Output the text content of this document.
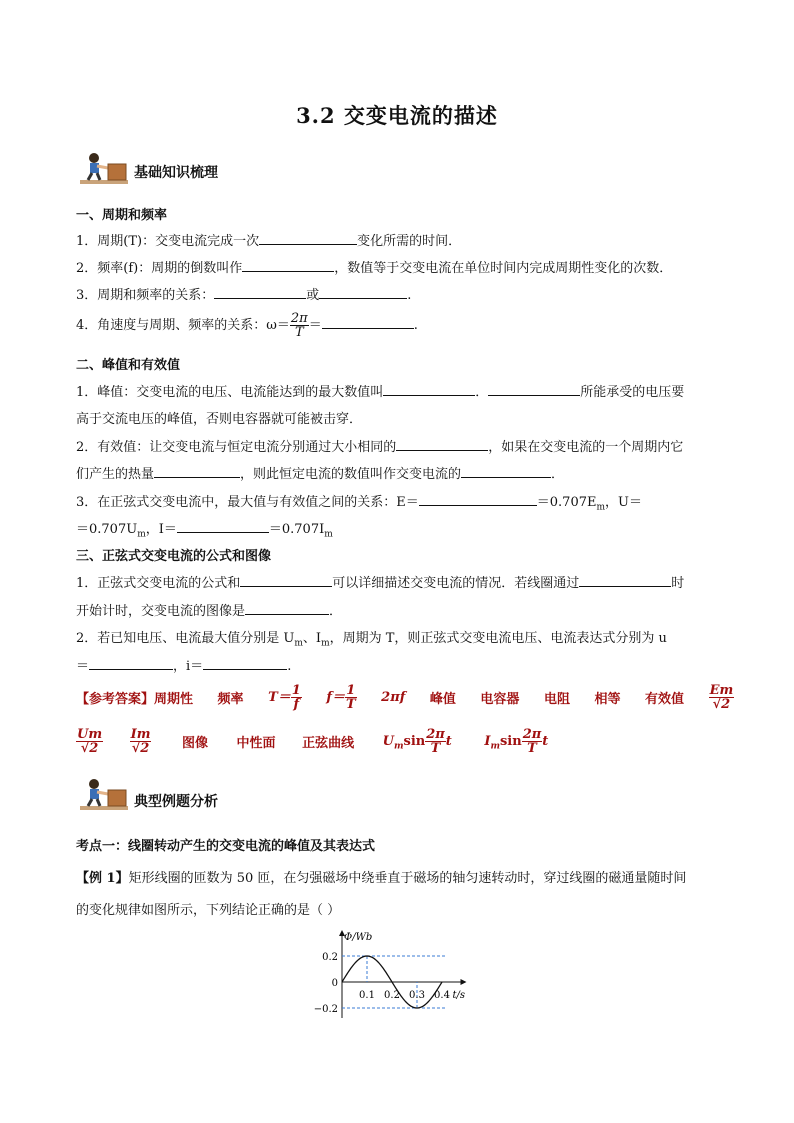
3.2 交变电流的描述
基础知识梳理
一、周期和频率
1．周期(T)：交变电流完成一次	变化所需的时间．
2．频率(f)：周期的倒数叫作	，数值等于交变电流在单位时间内完成周期性变化的次数．
3．周期和频率的关系：	或	.
4．角速度与周期、频率的关系：$\omega= \frac{2\pi}{T}$ ＝	.
二、峰值和有效值
1．峰值：交变电流的电压、电流能达到的最大数值叫	．	所能承受的电压要
高于交流电压的峰值，否则电容器就可能被击穿．
2．有效值：让交变电流与恒定电流分别通过大小相同的	，如果在交变电流的一个周期内它
们产生的热量	，则此恒定电流的数值叫作交变电流的	．
3．在正弦式交变电流中，最大值与有效值之间的关系：E＝	$=0.707E_m$，U＝
$=0.707U_m$，I＝	$=0.707I_m$
三、正弦式交变电流的公式和图像
1．正弦式交变电流的公式和	可以详细描述交变电流的情况．若线圈通过	时
开始计时，交变电流的图像是	．
2．若已知电压、电流最大值分别是 $U_m$、$I_m$，周期为 T，则正弦式交变电流电压、电流表达式分别为 u
＝	，i＝	.
【参考答案】周期性 频率 $T= \frac{1}{f} f= \frac{1}{T} 2\pi f$ 峰值 电容器 电阻 相等 有效值 $\frac{Em}{√2}$
$\frac{Um}{√2}$
$\frac{Im}{√2}$ 图像 中性面 正弦曲线 $U_m\sin \frac{2\pi}{T}$ t	$I_m\sin \frac{2\pi}{T}$ t
典型例题分析
考点一：线圈转动产生的交变电流的峰值及其表达式
【例 1】矩形线圈的匝数为 50 匝，在匀强磁场中绕垂直于磁场的轴匀速转动时，穿过线圈的磁通量随时间
的变化规律如图所示，下列结论正确的是（ ）
Φ/Wb
t/s
0.2
0
−0.2
0.1 0.2 0.3 0.4
